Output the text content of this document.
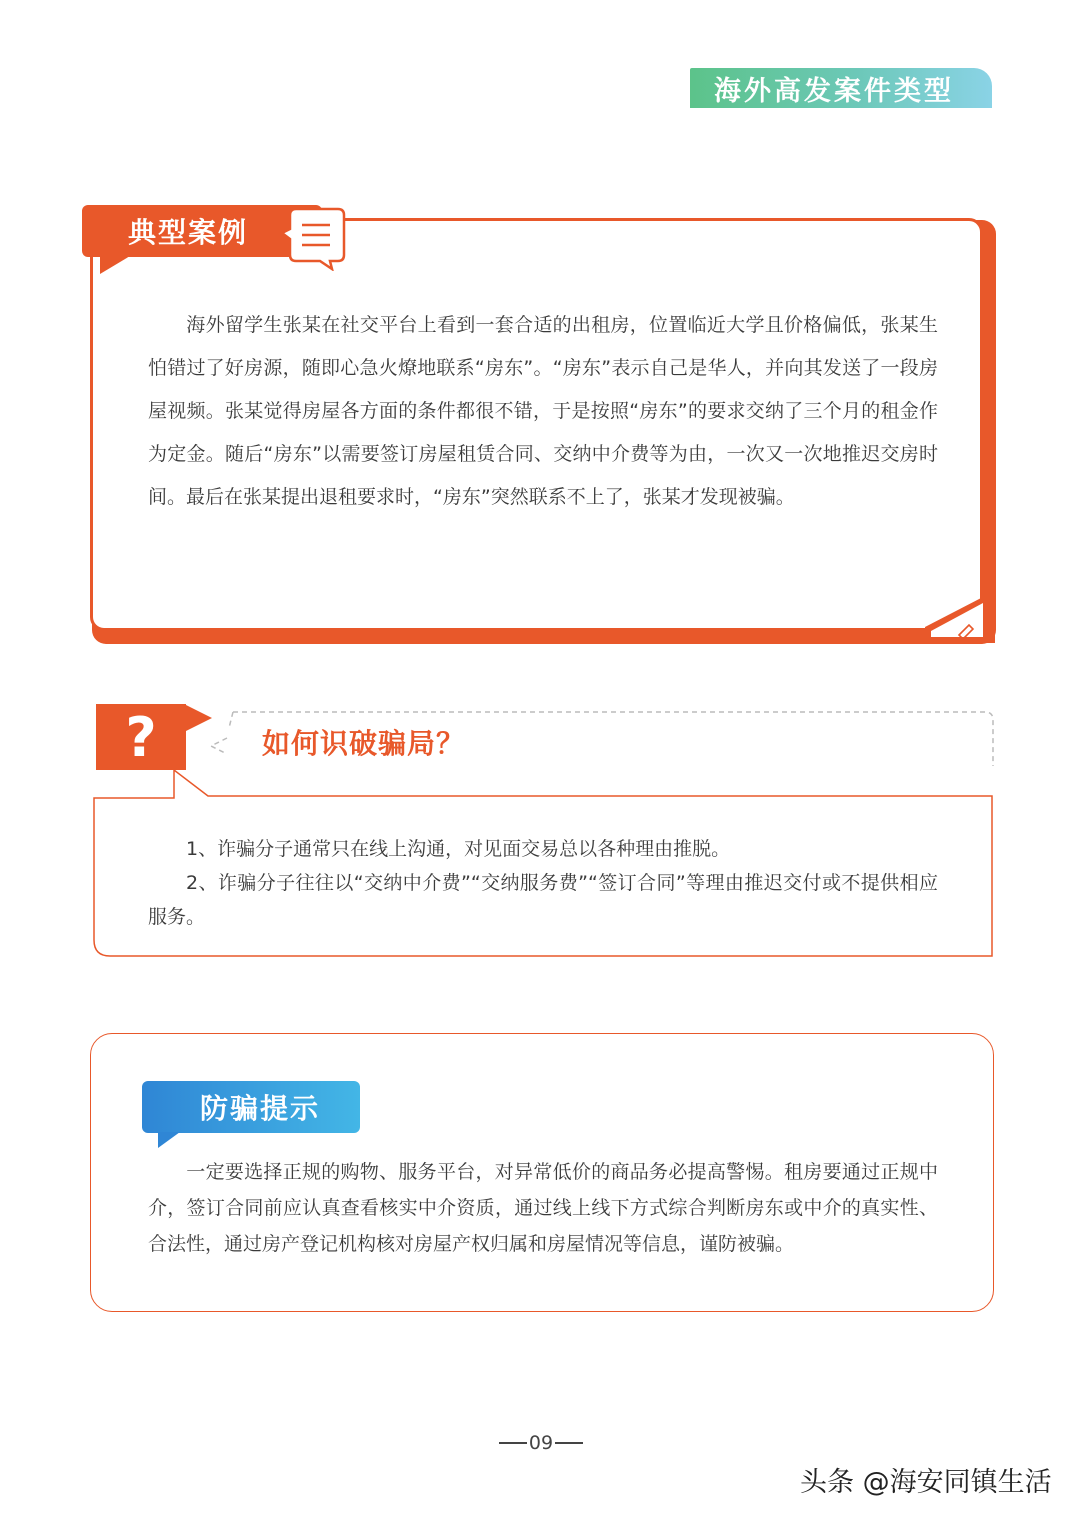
海外高发案件类型
典型案例
海外留学生张某在社交平台上看到一套合适的出租房，位置临近大学且价格偏低，张某生怕错过了好房源，随即心急火燎地联系“房东”。“房东”表示自己是华人，并向其发送了一段房屋视频。张某觉得房屋各方面的条件都很不错，于是按照“房东”的要求交纳了三个月的租金作为定金。随后“房东”以需要签订房屋租赁合同、交纳中介费等为由，一次又一次地推迟交房时间。最后在张某提出退租要求时，“房东”突然联系不上了，张某才发现被骗。
?	如何识破骗局？

1、诈骗分子通常只在线上沟通，对见面交易总以各种理由推脱。

2、诈骗分子往往以“交纳中介费”“交纳服务费”“签订合同”等理由推迟交付或不提供相应服务。

防骗提示
一定要选择正规的购物、服务平台，对异常低价的商品务必提高警惕。租房要通过正规中介，签订合同前应认真查看核实中介资质，通过线上线下方式综合判断房东或中介的真实性、合法性，通过房产登记机构核对房屋产权归属和房屋情况等信息，谨防被骗。
09
头条 @海安同镇生活
